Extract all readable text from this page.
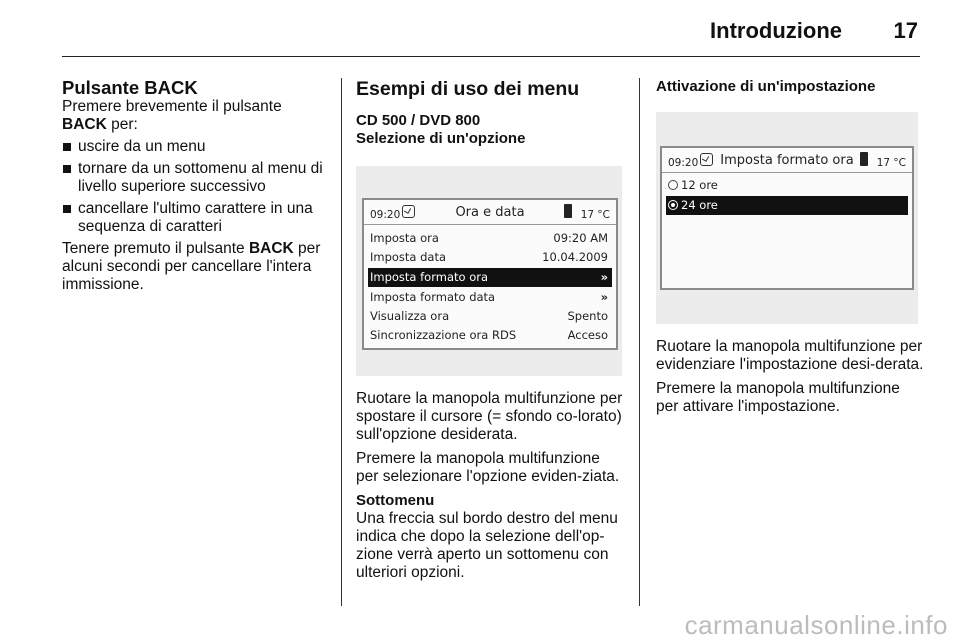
Introduzione 17

Pulsante BACK

Premere brevemente il pulsante BACK per:

uscire da un menu
tornare da un sottomenu al menu di livello superiore successivo
cancellare l'ultimo carattere in una sequenza di caratteri

Tenere premuto il pulsante BACK per alcuni secondi per cancellare l'intera immissione.

Esempi di uso dei menu

CD 500 / DVD 800

Selezione di un'opzione

09:20	Ora e data	17 °C
Imposta ora	09:20 AM
Imposta data	10.04.2009
Imposta formato ora	»
Imposta formato data	»
Visualizza ora	Spento
Sincronizzazione ora RDS	Acceso

Ruotare la manopola multifunzione per spostare il cursore (= sfondo co-lorato) sull'opzione desiderata.

Premere la manopola multifunzione per selezionare l'opzione eviden-ziata.

Sottomenu

Una freccia sul bordo destro del menu indica che dopo la selezione dell'op-zione verrà aperto un sottomenu con ulteriori opzioni.

Attivazione di un'impostazione

09:20	Imposta formato ora	17 °C
12 ore
24 ore

Ruotare la manopola multifunzione per evidenziare l'impostazione desi-derata.

Premere la manopola multifunzione per attivare l'impostazione.

carmanualsonline.info
